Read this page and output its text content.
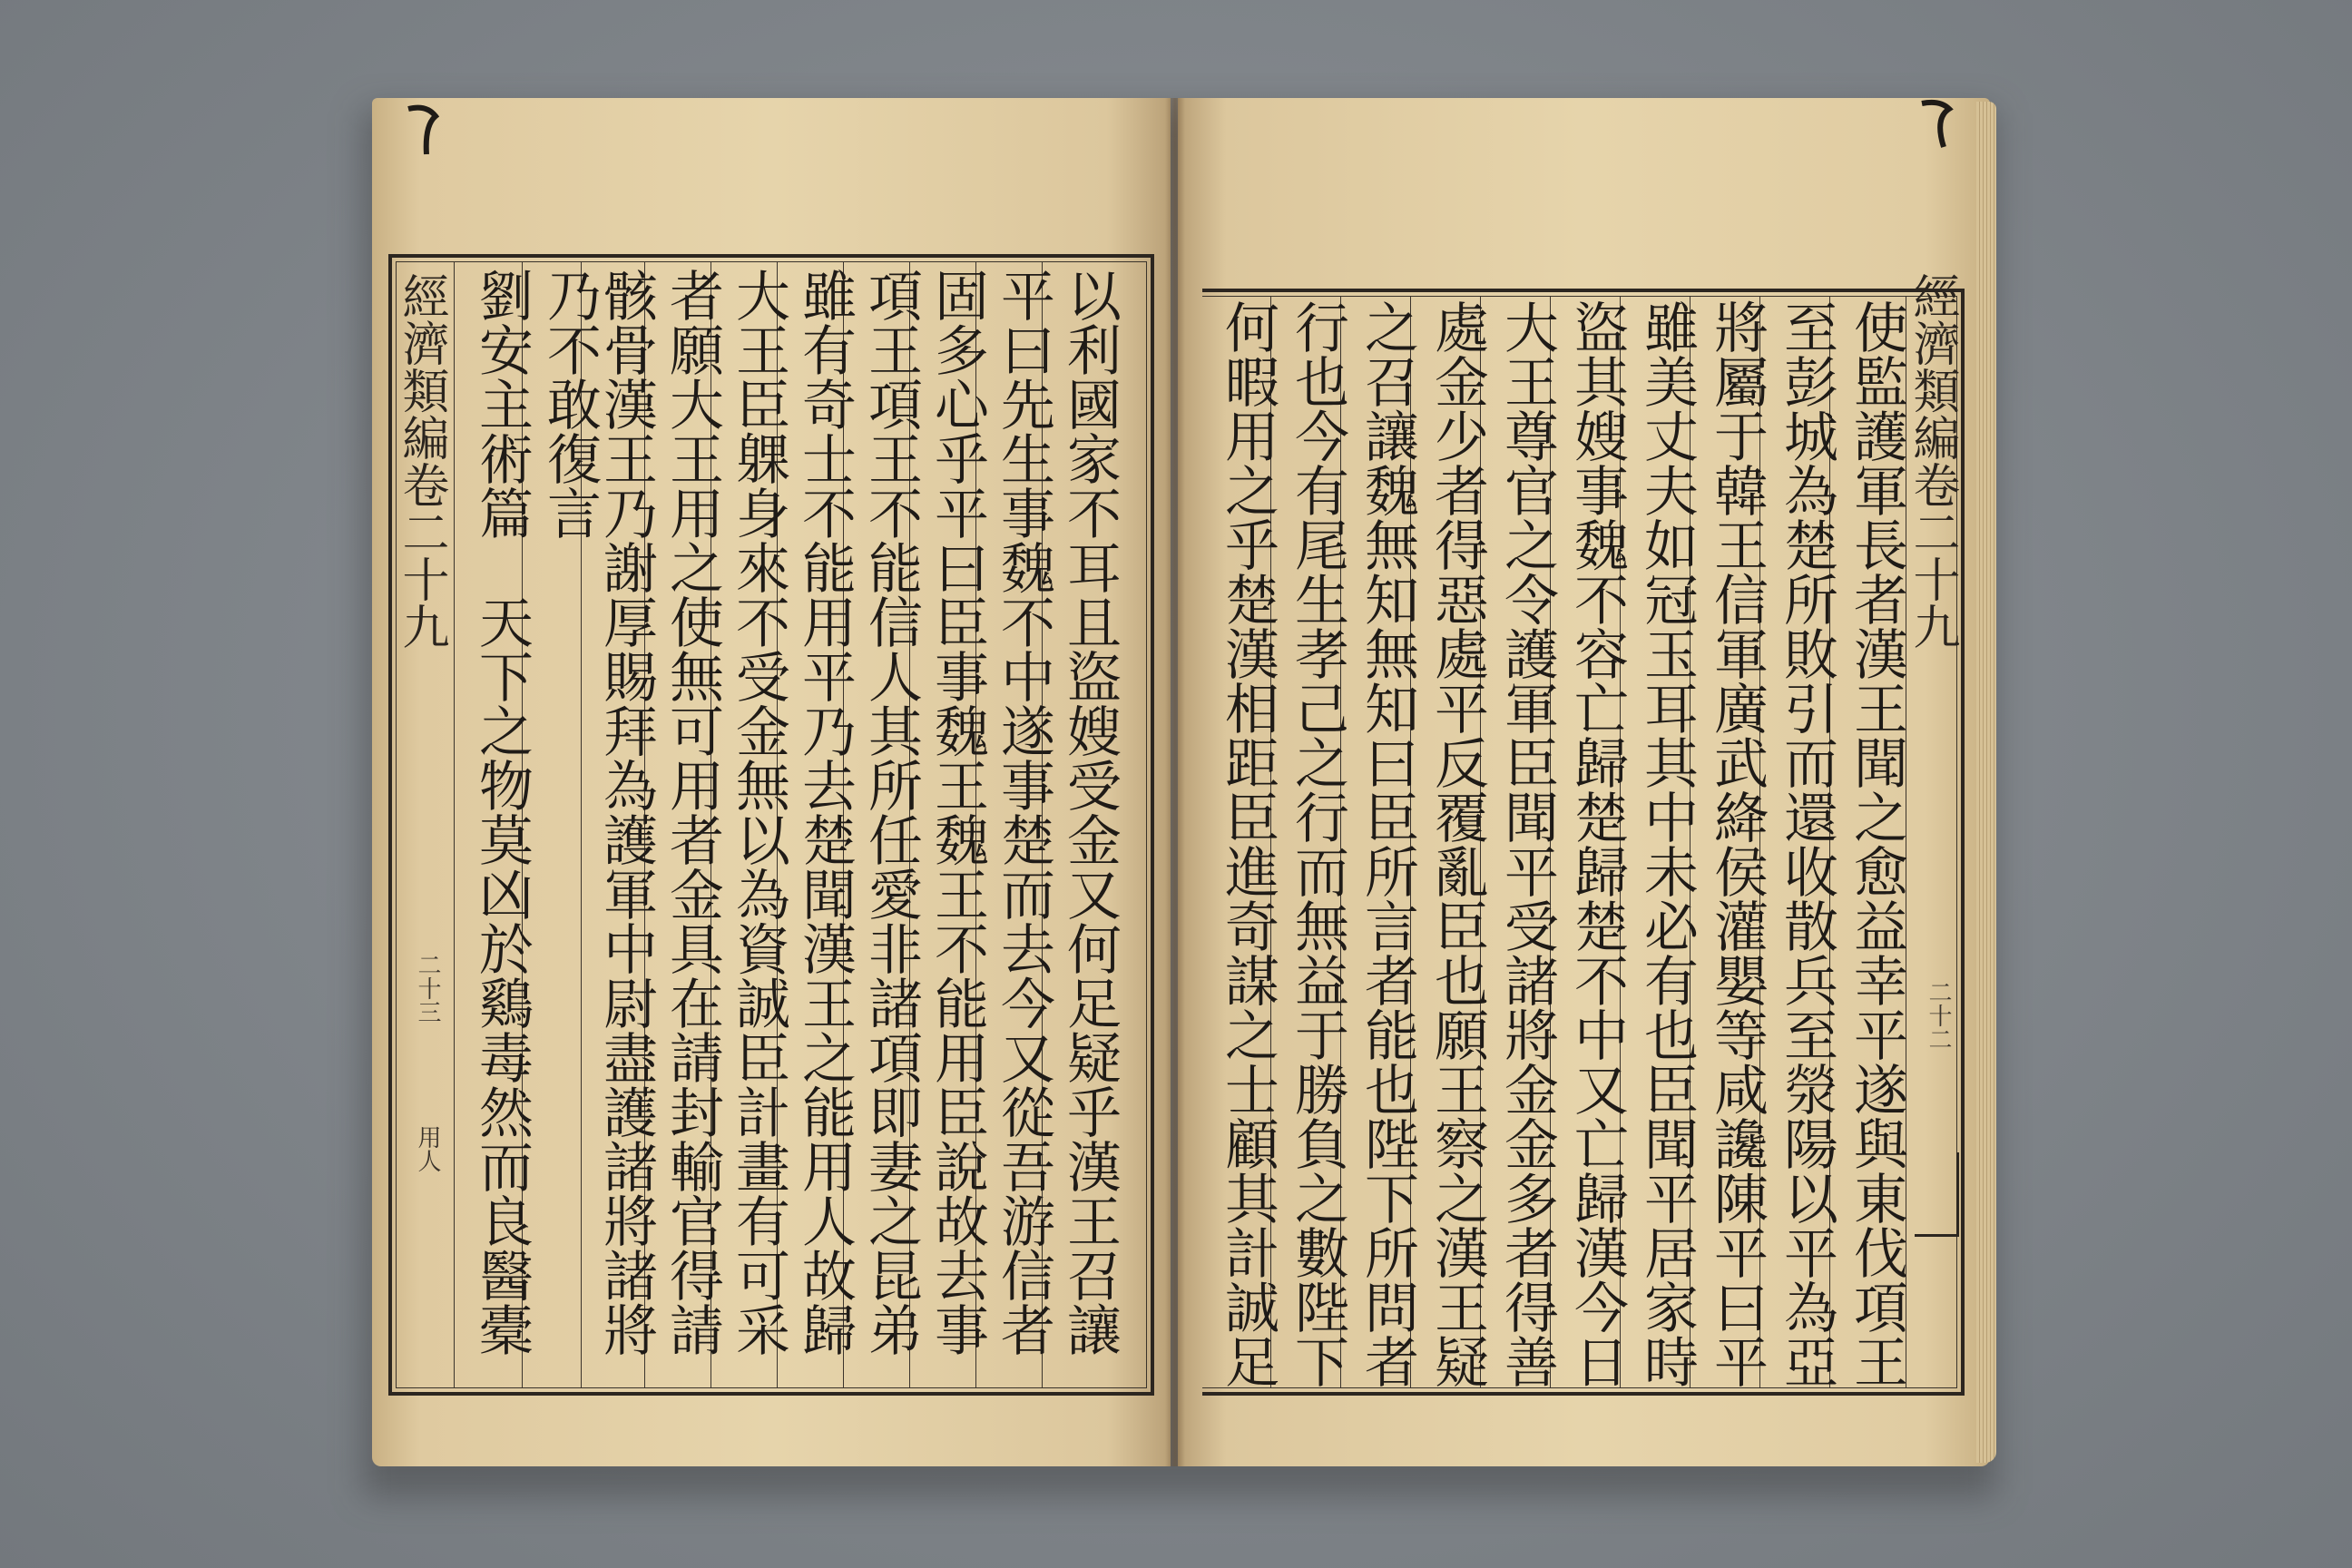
經濟類編卷二十九
二十三
用人	以利國家不耳且盜嫂受金又何足疑乎漢王召讓
平曰先生事魏不中遂事楚而去今又從吾游信者
固多心乎平曰臣事魏王魏王不能用臣說故去事
項王項王不能信人其所任愛非諸項即妻之昆弟
雖有奇士不能用平乃去楚聞漢王之能用人故歸
大王臣躶身來不受金無以為資誠臣計畫有可采
者願大王用之使無可用者金具在請封輸官得請
骸骨漢王乃謝厚賜拜為護軍中尉盡護諸將諸將
劉安主術篇　天下之物莫凶於鷄毒然而良醫橐 乃不敢復言	經濟類編卷二十九
二十二
使監護軍長者漢王聞之愈益幸平遂與東伐項王
至彭城為楚所敗引而還收散兵至滎陽以平為亞
將屬于韓王信軍廣武絳侯灌嬰等咸讒陳平曰平
雖美丈夫如冠玉耳其中未必有也臣聞平居家時
盜其嫂事魏不容亡歸楚歸楚不中又亡歸漢今日
大王尊官之令護軍臣聞平受諸將金金多者得善
處金少者得惡處平反覆亂臣也願王察之漢王疑
之召讓魏無知無知曰臣所言者能也陛下所問者
行也今有尾生孝己之行而無益于勝負之數陛下
何暇用之乎楚漢相距臣進奇謀之士顧其計誠足
